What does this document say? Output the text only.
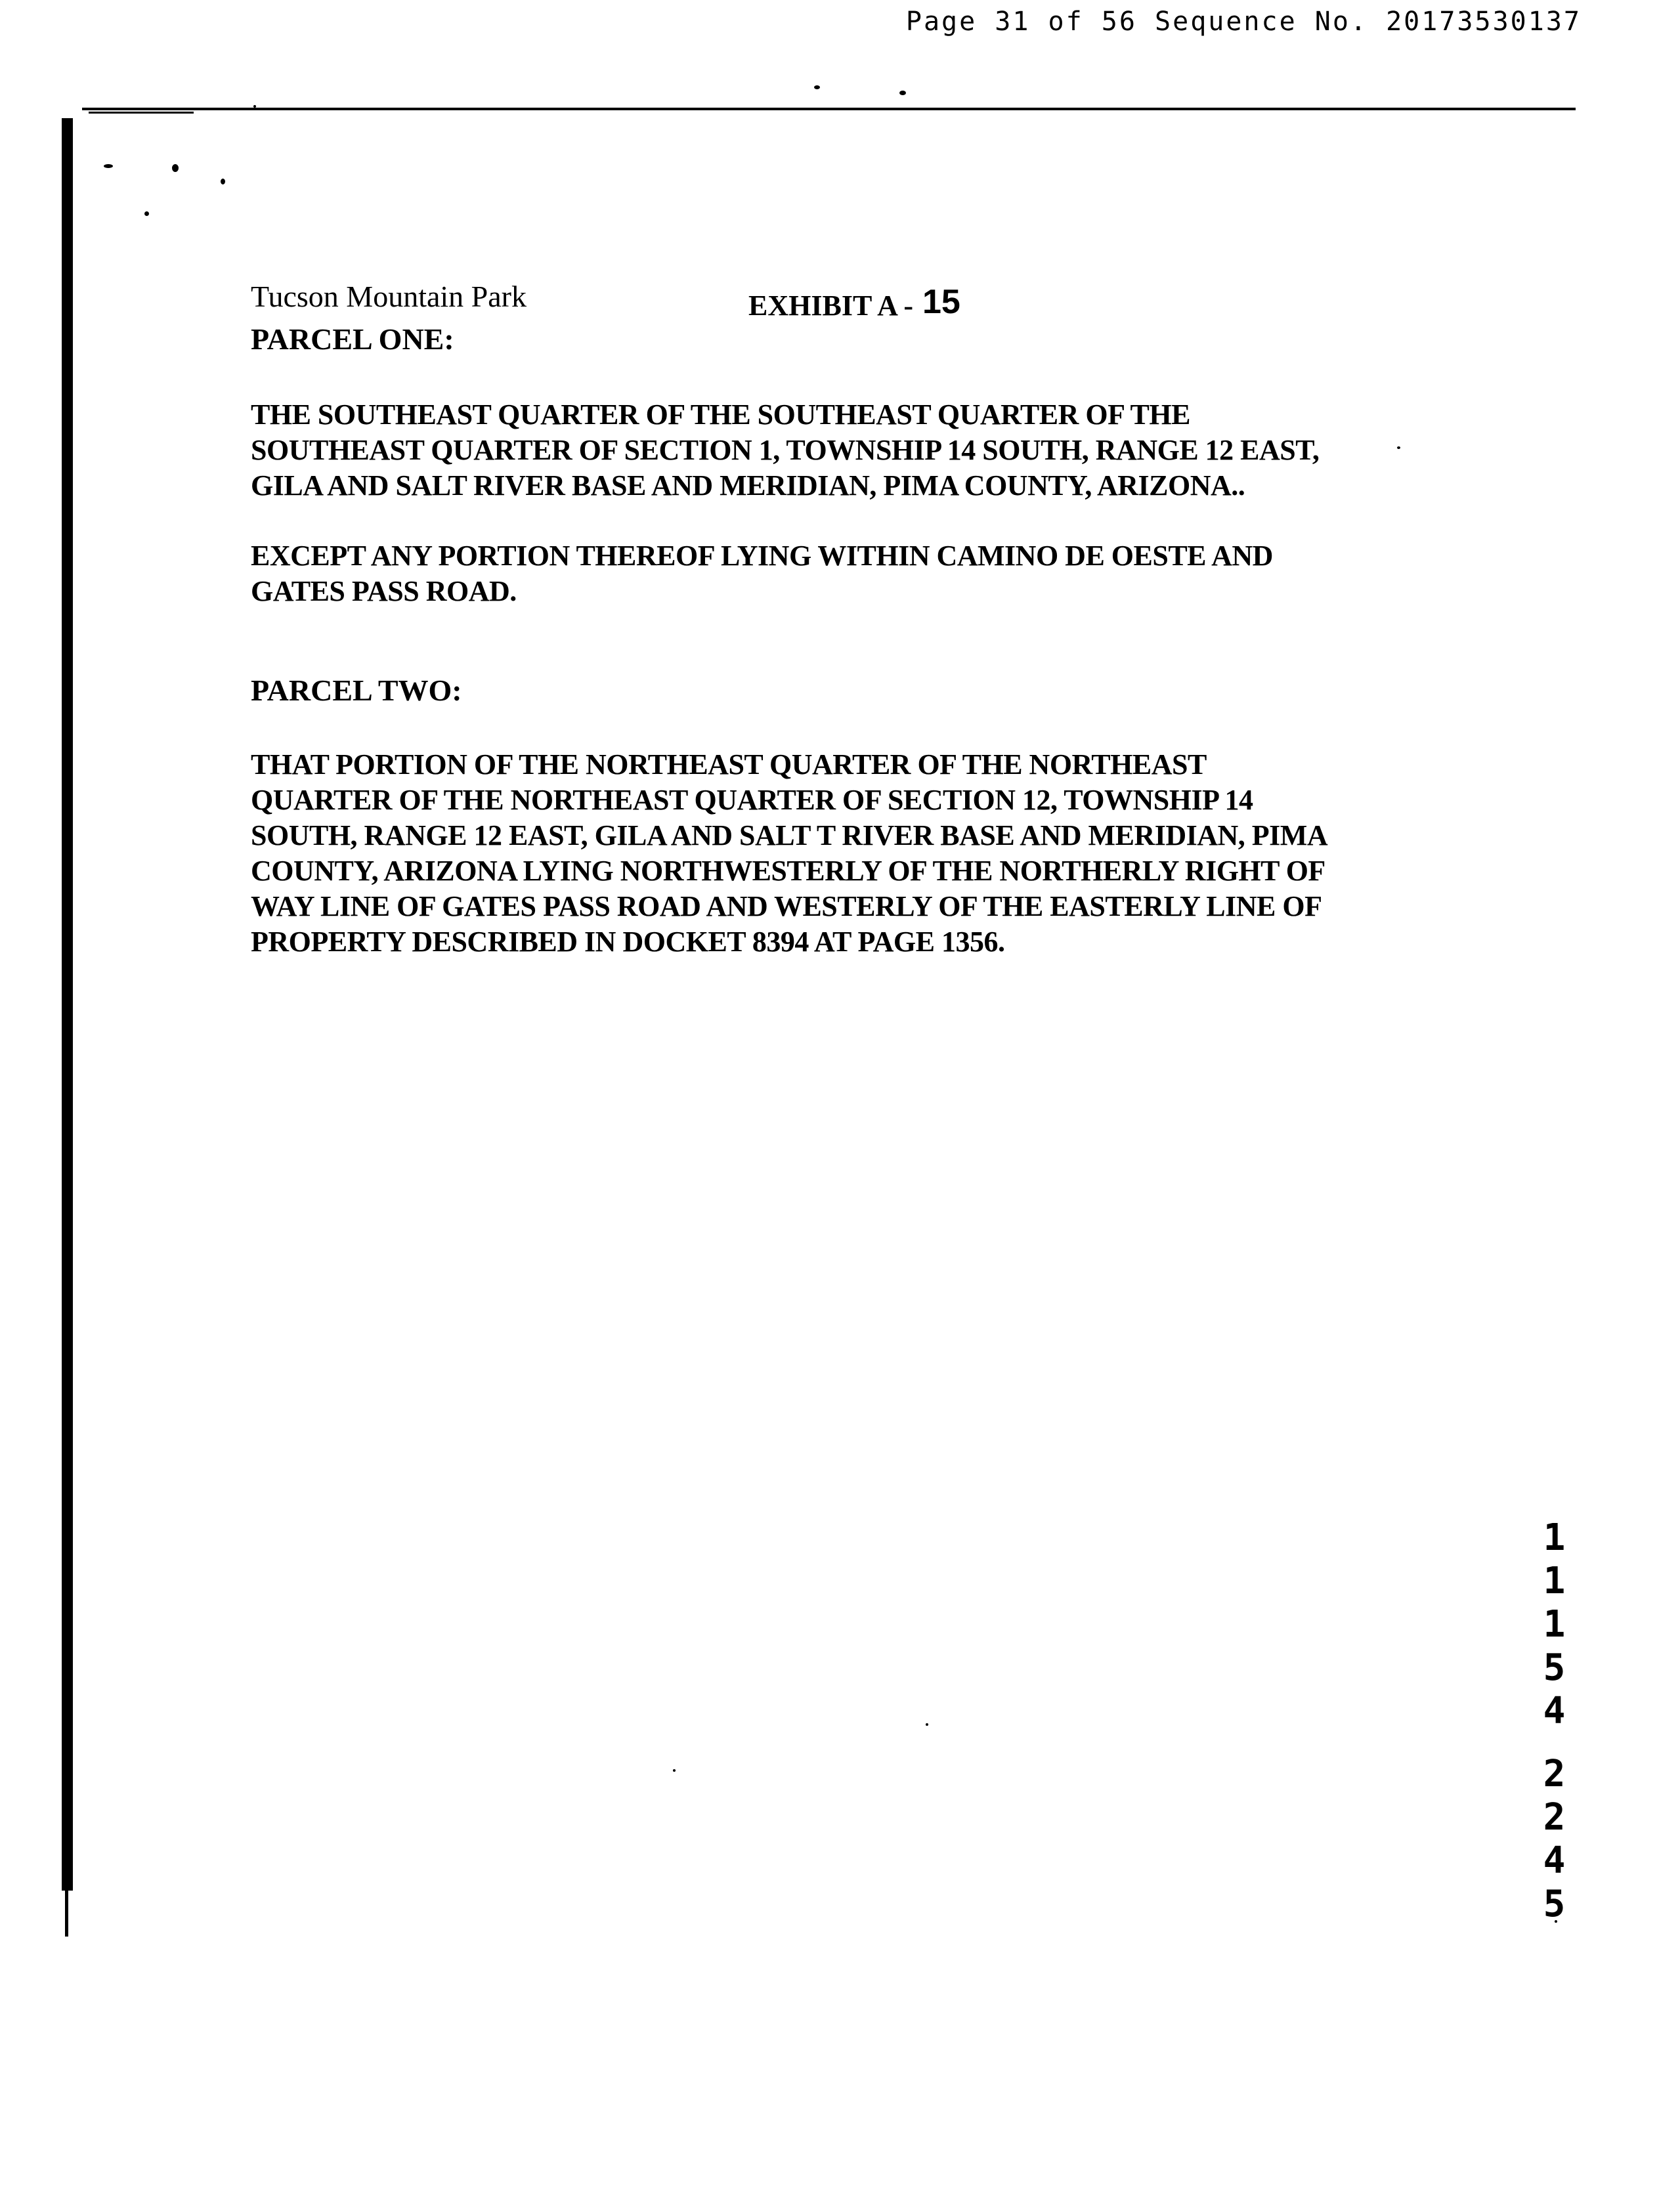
Page 31 of 56 Sequence No. 20173530137
Tucson Mountain Park	EXHIBIT A - 15
PARCEL ONE:
THE SOUTHEAST QUARTER OF THE SOUTHEAST QUARTER OF THE
SOUTHEAST QUARTER OF SECTION 1, TOWNSHIP 14 SOUTH, RANGE 12 EAST,
GILA AND SALT RIVER BASE AND MERIDIAN, PIMA COUNTY, ARIZONA..
EXCEPT ANY PORTION THEREOF LYING WITHIN CAMINO DE OESTE AND
GATES PASS ROAD.
PARCEL TWO:
THAT PORTION OF THE NORTHEAST QUARTER OF THE NORTHEAST
QUARTER OF THE NORTHEAST QUARTER OF SECTION 12, TOWNSHIP 14
SOUTH, RANGE 12 EAST, GILA AND SALT T RIVER BASE AND MERIDIAN, PIMA
COUNTY, ARIZONA LYING NORTHWESTERLY OF THE NORTHERLY RIGHT OF
WAY LINE OF GATES PASS ROAD AND WESTERLY OF THE EASTERLY LINE OF
PROPERTY DESCRIBED IN DOCKET 8394 AT PAGE 1356.
1
1
1
5
4
2
2
4
5
